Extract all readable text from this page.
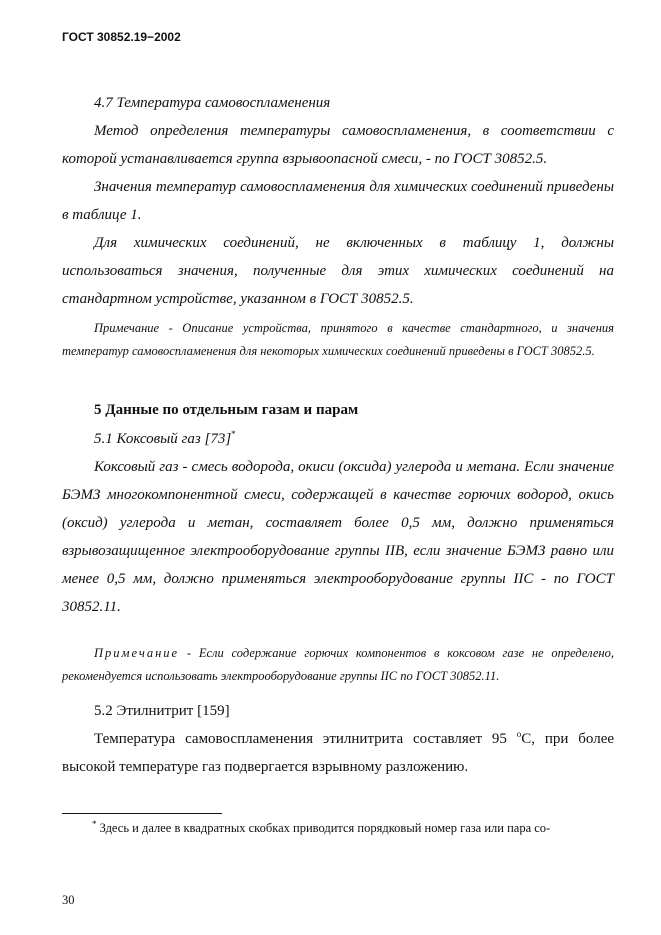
ГОСТ 30852.19−2002

4.7 Температура самовоспламенения

Метод определения температуры самовоспламенения, в соответствии с которой устанавливается группа взрывоопасной смеси, - по ГОСТ 30852.5.

Значения температур самовоспламенения для химических соединений приведены в таблице 1.

Для химических соединений, не включенных в таблицу 1, должны использоваться значения, полученные для этих химических соединений на стандартном устройстве, указанном в ГОСТ 30852.5.

Примечание - Описание устройства, принятого в качестве стандартного, и значения температур самовоспламенения для некоторых химических соединений приведены в ГОСТ 30852.5.

5 Данные по отдельным газам и парам

5.1 Коксовый газ [73]*

Коксовый газ - смесь водорода, окиси (оксида) углерода и метана. Если значение БЭМЗ многокомпонентной смеси, содержащей в качестве горючих водород, окись (оксид) углерода и метан, составляет более 0,5 мм, должно применяться взрывозащищенное электрооборудование группы IIB, если значение БЭМЗ равно или менее 0,5 мм, должно применяться электрооборудование группы IIC - по ГОСТ 30852.11.

Примечание - Если содержание горючих компонентов в коксовом газе не определено, рекомендуется использовать электрооборудование группы IIC по ГОСТ 30852.11.

5.2 Этилнитрит [159]

Температура самовоспламенения этилнитрита составляет 95 $^o$С, при более высокой температуре газ подвергается взрывному разложению.

* Здесь и далее в квадратных скобках приводится порядковый номер газа или пара со-

30
